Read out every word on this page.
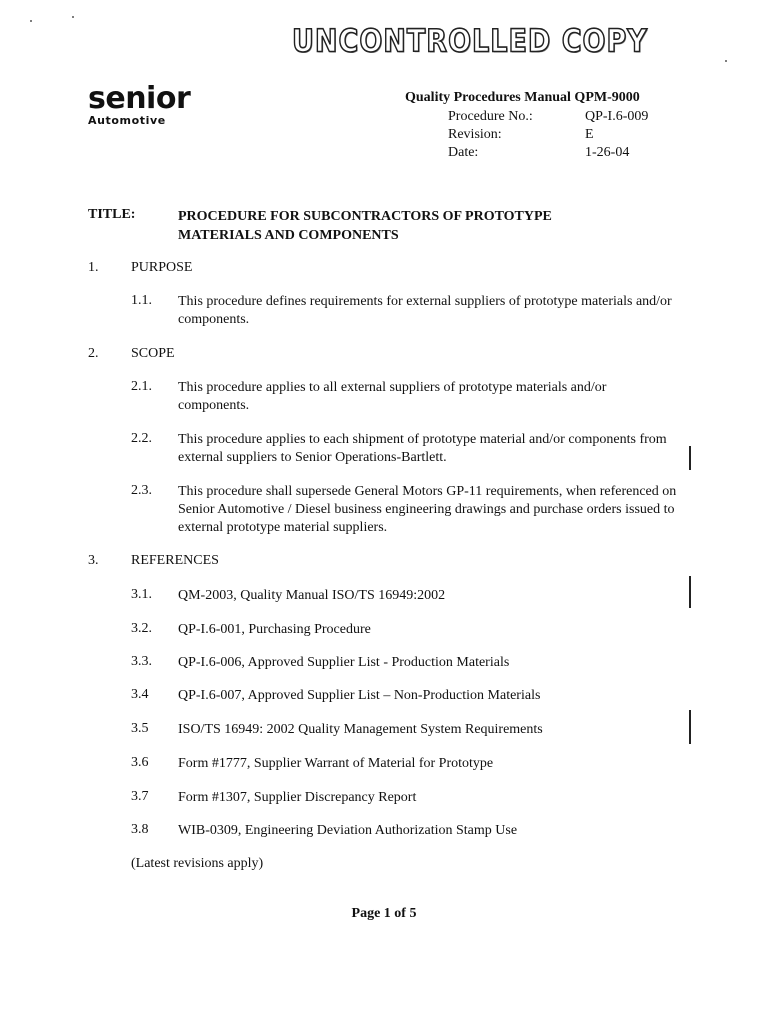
UNCONTROLLED COPY
senior
Automotive
Quality Procedures Manual QPM-9000
Procedure No.:	QP-I.6-009
Revision:	E
Date:	1-26-04
TITLE:	PROCEDURE FOR SUBCONTRACTORS OF PROTOTYPE MATERIALS AND COMPONENTS
1. PURPOSE
1.1. This procedure defines requirements for external suppliers of prototype materials and/or components.
2. SCOPE
2.1. This procedure applies to all external suppliers of prototype materials and/or components.
2.2. This procedure applies to each shipment of prototype material and/or components from external suppliers to Senior Operations-Bartlett.
2.3. This procedure shall supersede General Motors GP-11 requirements, when referenced on Senior Automotive / Diesel business engineering drawings and purchase orders issued to external prototype material suppliers.
3. REFERENCES
3.1. QM-2003, Quality Manual ISO/TS 16949:2002
3.2. QP-I.6-001, Purchasing Procedure
3.3. QP-I.6-006, Approved Supplier List - Production Materials
3.4 QP-I.6-007, Approved Supplier List – Non-Production Materials
3.5 ISO/TS 16949: 2002 Quality Management System Requirements
3.6 Form #1777, Supplier Warrant of Material for Prototype
3.7 Form #1307, Supplier Discrepancy Report
3.8 WIB-0309, Engineering Deviation Authorization Stamp Use
(Latest revisions apply)
Page 1 of 5
